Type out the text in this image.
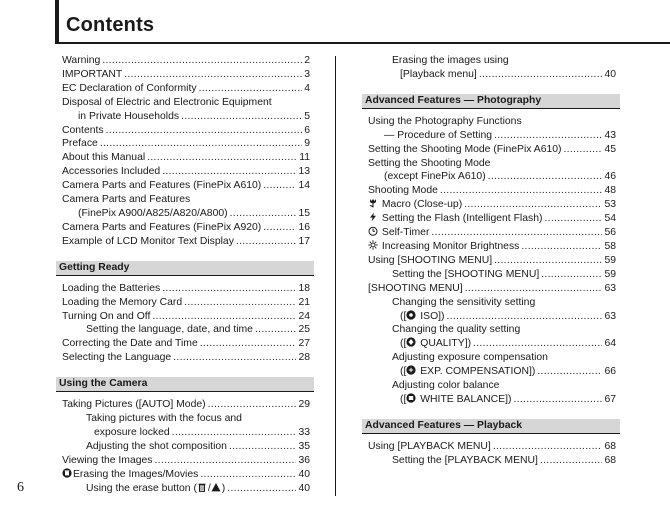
Contents
6
Warning .....	2
IMPORTANT .....	3
EC Declaration of Conformity .....	4
Disposal of Electric and Electronic Equipment
in Private Households .....	5
Contents .....	6
Preface .....	9
About this Manual .....	11
Accessories Included .....	13
Camera Parts and Features (FinePix A610) .....	14
Camera Parts and Features
(FinePix A900/A825/A820/A800) .....	15
Camera Parts and Features (FinePix A920) .....	16
Example of LCD Monitor Text Display .....	17
Getting Ready
Loading the Batteries .....	18
Loading the Memory Card .....	21
Turning On and Off .....	24
Setting the language, date, and time .....	25
Correcting the Date and Time .....	27
Selecting the Language .....	28
Using the Camera
Taking Pictures ([AUTO] Mode) .....	29
Taking pictures with the focus and
exposure locked .....	33
Adjusting the shot composition .....	35
Viewing the Images .....	36
Erasing the Images/Movies .....	40
Using the erase button ( / ) .....	40
Erasing the images using
[Playback menu] .....	40
Advanced Features — Photography
Using the Photography Functions
— Procedure of Setting .....	43
Setting the Shooting Mode (FinePix A610) .....	45
Setting the Shooting Mode
(except FinePix A610) .....	46
Shooting Mode .....	48
Macro (Close-up) .....	53
Setting the Flash (Intelligent Flash) .....	54
Self-Timer .....	56
Increasing Monitor Brightness .....	58
Using [SHOOTING MENU] .....	59
Setting the [SHOOTING MENU] .....	59
[SHOOTING MENU] .....	63
Changing the sensitivity setting
([ ISO]) .....	63
Changing the quality setting
([ QUALITY]) .....	64
Adjusting exposure compensation
([ EXP. COMPENSATION]) .....	66
Adjusting color balance
([ WHITE BALANCE]) .....	67
Advanced Features — Playback
Using [PLAYBACK MENU] .....	68
Setting the [PLAYBACK MENU] .....	68
